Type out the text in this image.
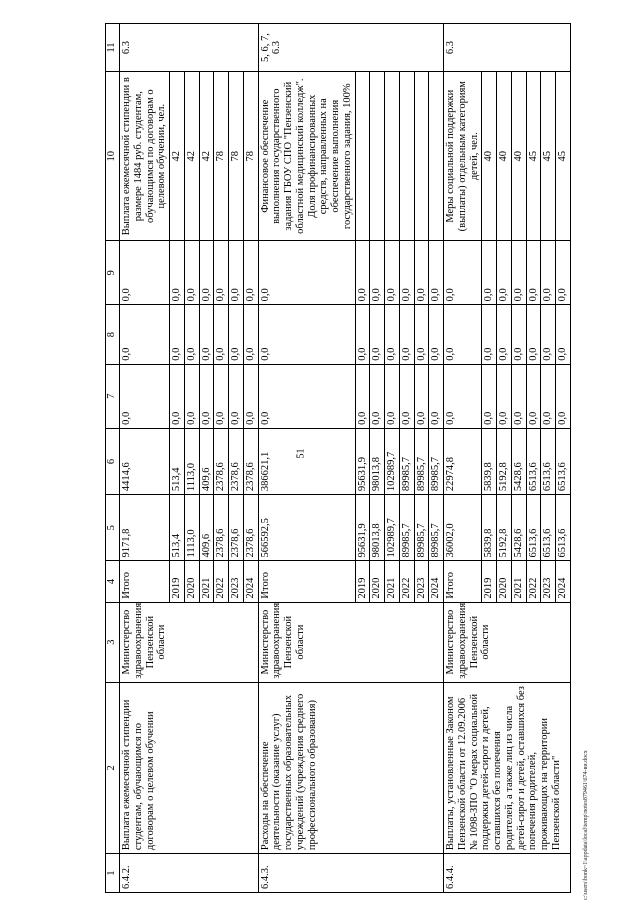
51
1	2	3	4	5	6	7	8	9	10	11
6.4.2.	Выплата ежемесячной стипендии студентам, обучающимся по договорам о целевом обучении	Министерство здравоохранения Пензенской области	Итого	9171,8	4414,6	0,0	0,0	0,0	Выплата ежемесячной стипендии в размере 1484 руб. студентам, обучающимся по договорам о целевом обучении, чел.	6.3
			2019	513,4	513,4	0,0	0,0	0,0	42	
			2020	1113,0	1113,0	0,0	0,0	0,0	42	
			2021	409,6	409,6	0,0	0,0	0,0	42	
			2022	2378,6	2378,6	0,0	0,0	0,0	78	
			2023	2378,6	2378,6	0,0	0,0	0,0	78	
			2024	2378,6	2378,6	0,0	0,0	0,0	78	
6.4.3.	Расходы на обеспечение деятельности (оказание услуг) государственных образовательных учреждений (учреждения среднего профессионального образования)	Министерство здравоохранения Пензенской области	Итого	566592,5	386621,1	0,0	0,0	0,0	Финансовое обеспечение выполнения государственного задания ГБОУ СПО "Пензенский областной медицинский колледж". Доля профинансированных средств, направленных на обеспечение выполнения государственного задания, 100%	5, 6, 7, 6.3
			2019	95631,9	95631,9	0,0	0,0	0,0		
			2020	98013,8	98013,8	0,0	0,0	0,0		
			2021	102989,7	102989,7	0,0	0,0	0,0		
			2022	89985,7	89985,7	0,0	0,0	0,0		
			2023	89985,7	89985,7	0,0	0,0	0,0		
			2024	89985,7	89985,7	0,0	0,0	0,0		
6.4.4.	Выплаты, установленные Законом Пензенской области от 12.09.2006 № 1098-ЗПО "О мерах социальной поддержки детей-сирот и детей, оставшихся без попечения родителей, а также лиц из числа детей-сирот и детей, оставшихся без попечения родителей, проживающих на территории Пензенской области"	Министерство здравоохранения Пензенской области	Итого	36002,0	22974,8	0,0	0,0	0,0	Меры социальной поддержки (выплаты) отдельным категориям детей, чел.	6.3
			2019	5839,8	5839,8	0,0	0,0	0,0	40	
			2020	5192,8	5192,8	0,0	0,0	0,0	40	
			2021	5428,6	5428,6	0,0	0,0	0,0	40	
			2022	6513,6	6513,6	0,0	0,0	0,0	45	
			2023	6513,6	6513,6	0,0	0,0	0,0	45	
			2024	6513,6	6513,6	0,0	0,0	0,0	45	
c:\users\bonk~1\appdata\local\temp\notes879461\674-ви.docx
